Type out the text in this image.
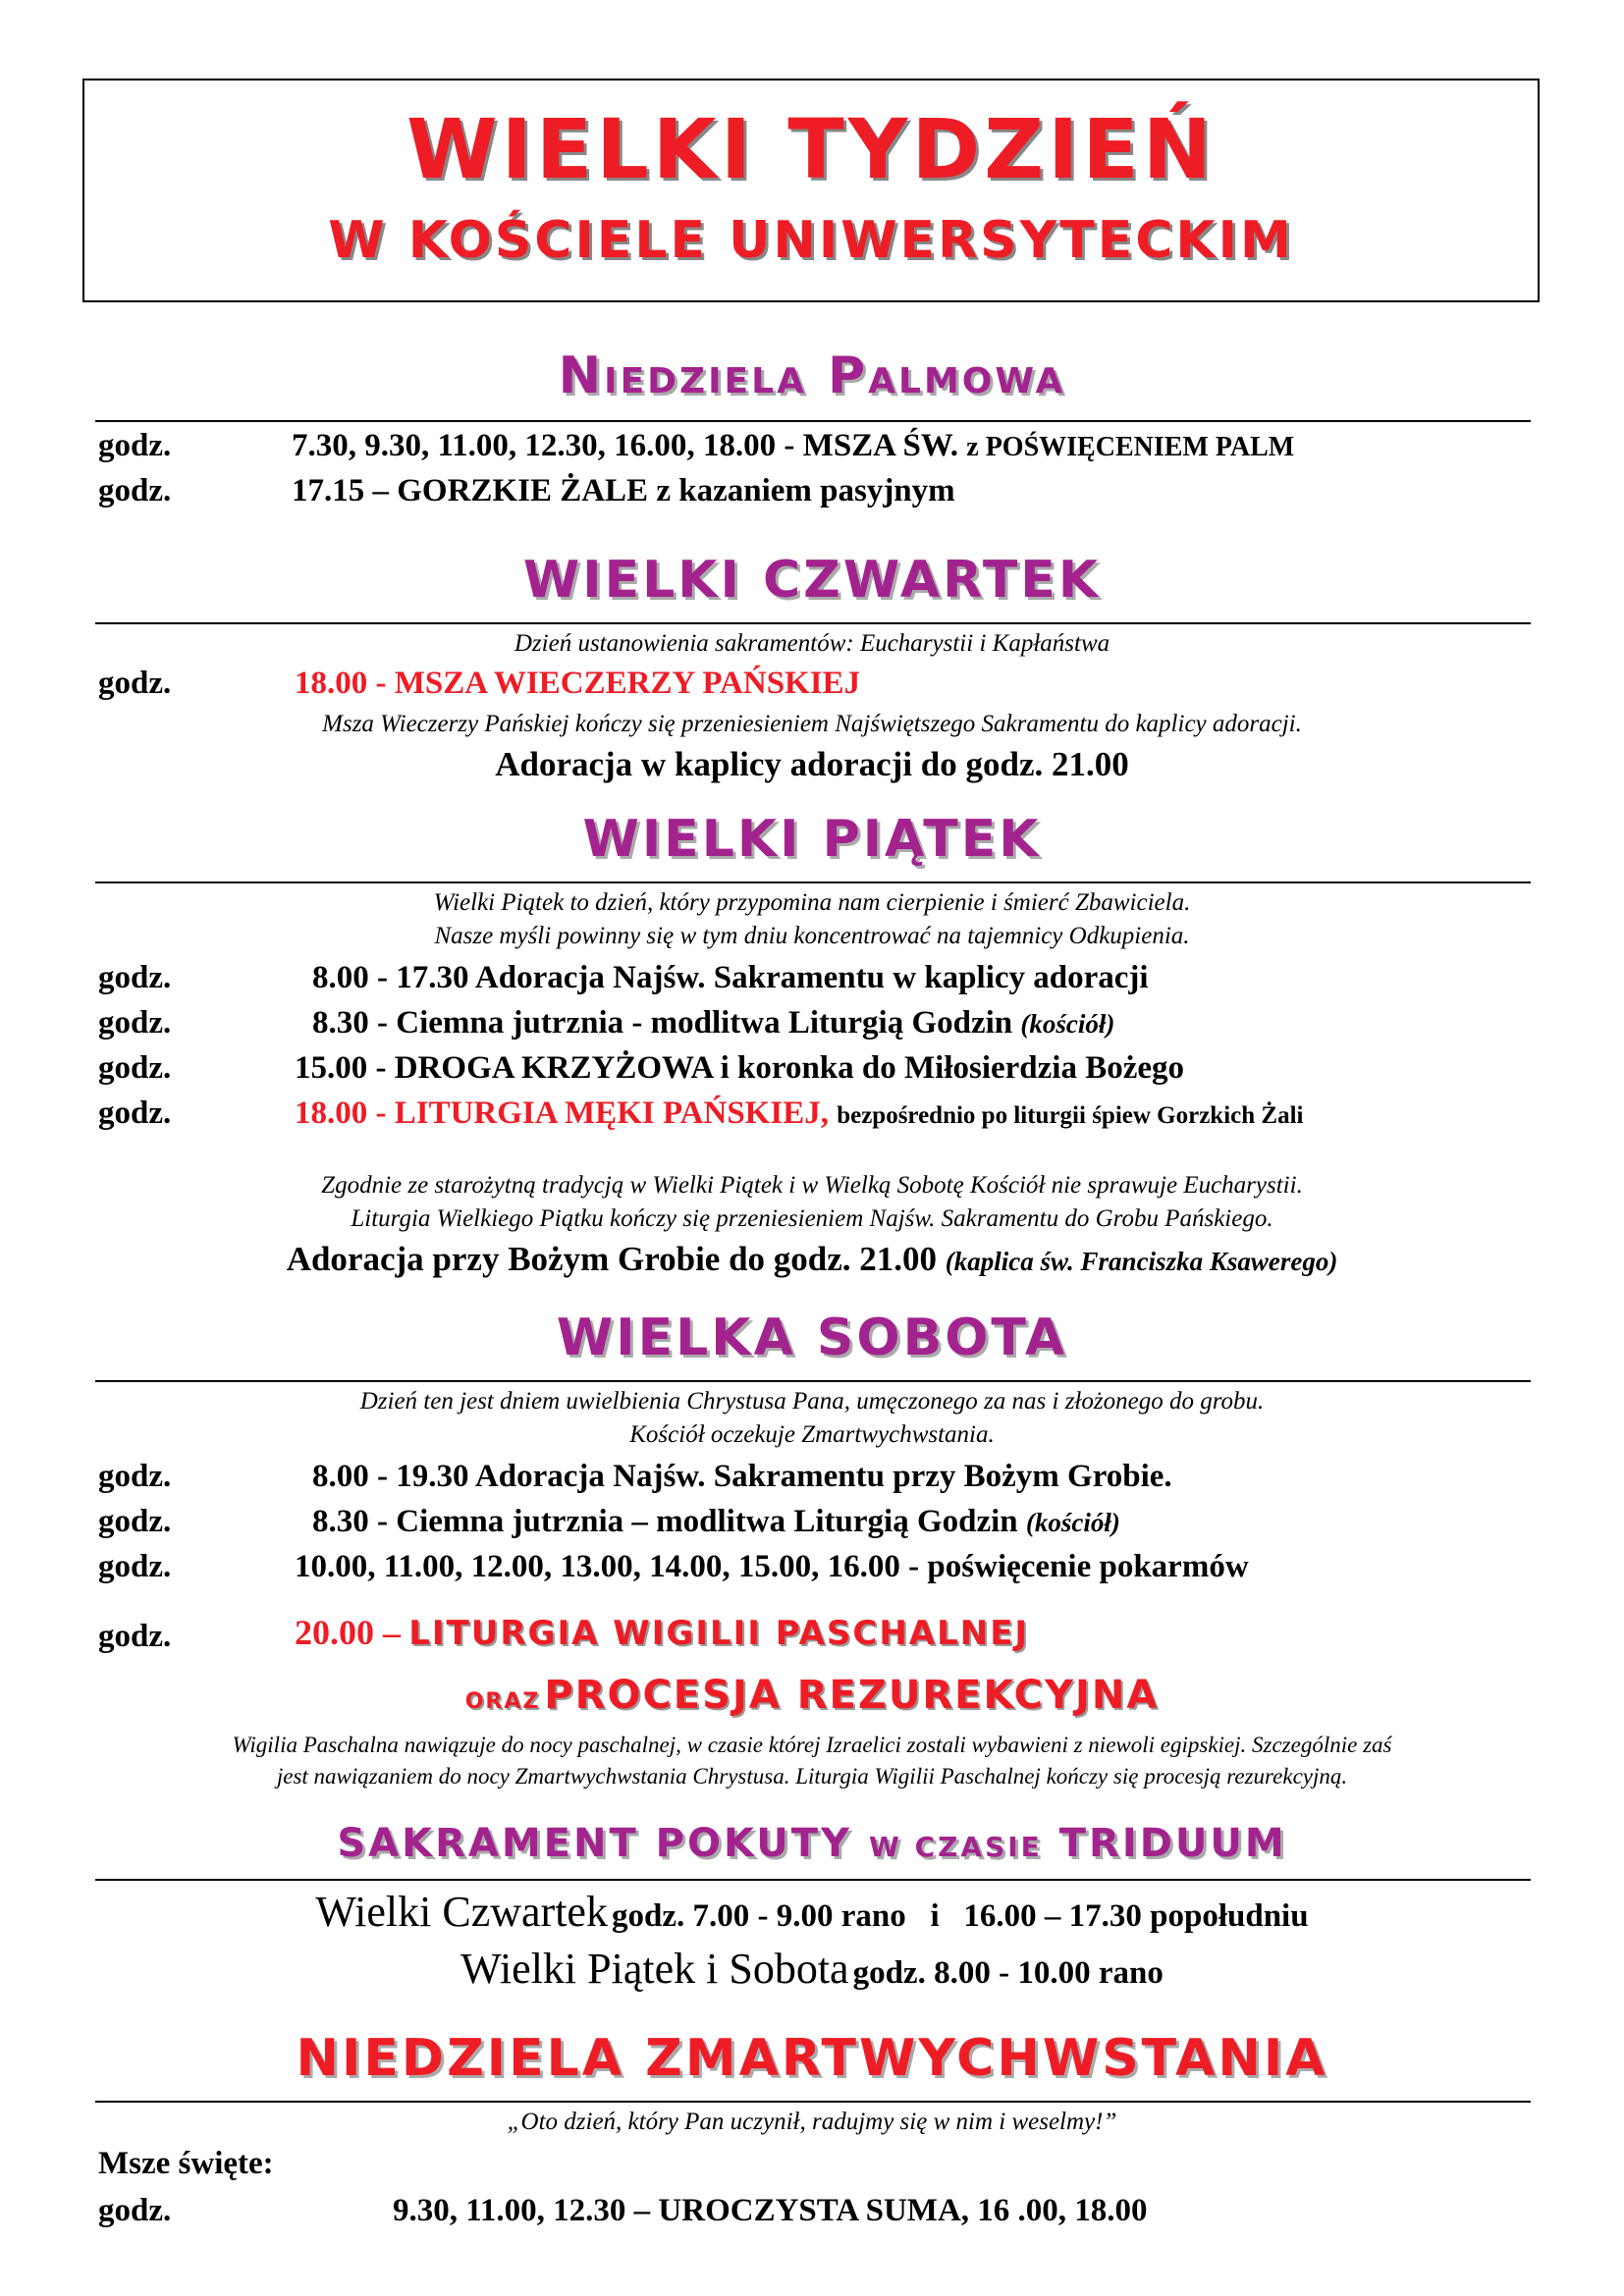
WIELKI TYDZIEŃ
W KOŚCIELE UNIWERSYTECKIM
Niedziela Palmowa
godz.	7.30, 9.30, 11.00, 12.30, 16.00, 18.00 - MSZA ŚW. z POŚWIĘCENIEM PALM
godz.	17.15 – GORZKIE ŻALE z kazaniem pasyjnym
WIELKI CZWARTEK
Dzień ustanowienia sakramentów: Eucharystii i Kapłaństwa
godz.	18.00 - MSZA WIECZERZY PAŃSKIEJ
Msza Wieczerzy Pańskiej kończy się przeniesieniem Najświętszego Sakramentu do kaplicy adoracji.
Adoracja w kaplicy adoracji do godz. 21.00
WIELKI PIĄTEK
Wielki Piątek to dzień, który przypomina nam cierpienie i śmierć Zbawiciela.
Nasze myśli powinny się w tym dniu koncentrować na tajemnicy Odkupienia.
godz.	8.00 - 17.30 Adoracja Najśw. Sakramentu w kaplicy adoracji
godz.	8.30 - Ciemna jutrznia - modlitwa Liturgią Godzin (kościół)
godz.	15.00 - DROGA KRZYŻOWA i koronka do Miłosierdzia Bożego
godz.	18.00 - LITURGIA MĘKI PAŃSKIEJ, bezpośrednio po liturgii śpiew Gorzkich Żali
Zgodnie ze starożytną tradycją w Wielki Piątek i w Wielką Sobotę Kościół nie sprawuje Eucharystii.
Liturgia Wielkiego Piątku kończy się przeniesieniem Najśw. Sakramentu do Grobu Pańskiego.
Adoracja przy Bożym Grobie do godz. 21.00 (kaplica św. Franciszka Ksawerego)
WIELKA SOBOTA
Dzień ten jest dniem uwielbienia Chrystusa Pana, umęczonego za nas i złożonego do grobu.
Kościół oczekuje Zmartwychwstania.
godz.	8.00 - 19.30 Adoracja Najśw. Sakramentu przy Bożym Grobie.
godz.	8.30 - Ciemna jutrznia – modlitwa Liturgią Godzin (kościół)
godz.	10.00, 11.00, 12.00, 13.00, 14.00, 15.00, 16.00 - poświęcenie pokarmów
godz.	20.00 – LITURGIA WIGILII PASCHALNEJ
ORAZ PROCESJA REZUREKCYJNA
Wigilia Paschalna nawiązuje do nocy paschalnej, w czasie której Izraelici zostali wybawieni z niewoli egipskiej. Szczególnie zaś
jest nawiązaniem do nocy Zmartwychwstania Chrystusa. Liturgia Wigilii Paschalnej kończy się procesją rezurekcyjną.
SAKRAMENT POKUTY W CZASIE TRIDUUM
Wielki Czwartek godz. 7.00 - 9.00 rano   i   16.00 – 17.30 popołudniu
Wielki Piątek i Sobota godz. 8.00 - 10.00 rano
NIEDZIELA ZMARTWYCHWSTANIA
„Oto dzień, który Pan uczynił, radujmy się w nim i weselmy!”
Msze święte:
godz.	9.30, 11.00, 12.30 – UROCZYSTA SUMA, 16 .00, 18.00
